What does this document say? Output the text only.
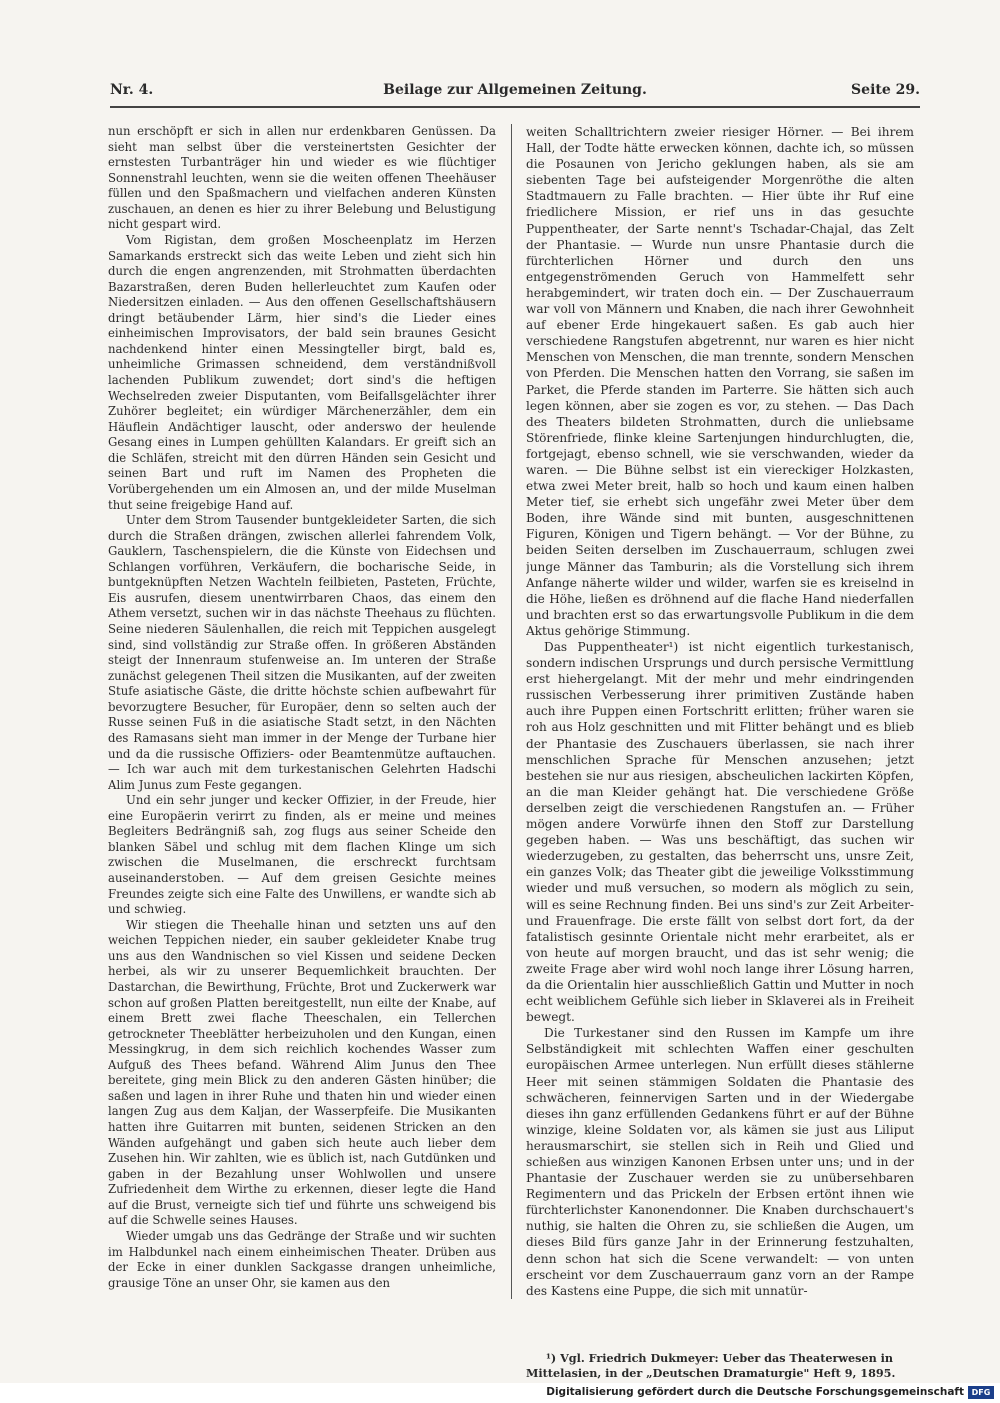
Nr. 4.	Beilage zur Allgemeinen Zeitung.	Seite 29.

nun erschöpft er sich in allen nur erdenkbaren Genüssen. Da sieht man selbst über die versteinertsten Gesichter der ernstesten Turbanträger hin und wieder es wie flüchtiger Sonnenstrahl leuchten, wenn sie die weiten offenen Theehäuser füllen und den Spaßmachern und vielfachen anderen Künsten zuschauen, an denen es hier zu ihrer Belebung und Belustigung nicht gespart wird.

Vom Rigistan, dem großen Moscheenplatz im Herzen Samarkands erstreckt sich das weite Leben und zieht sich hin durch die engen angrenzenden, mit Strohmatten überdachten Bazarstraßen, deren Buden hellerleuchtet zum Kaufen oder Niedersitzen einladen. — Aus den offenen Gesellschaftshäusern dringt betäubender Lärm, hier sind's die Lieder eines einheimischen Improvisators, der bald sein braunes Gesicht nachdenkend hinter einen Messingteller birgt, bald es, unheimliche Grimassen schneidend, dem verständnißvoll lachenden Publikum zuwendet; dort sind's die heftigen Wechselreden zweier Disputanten, vom Beifallsgelächter ihrer Zuhörer begleitet; ein würdiger Märchenerzähler, dem ein Häuflein Andächtiger lauscht, oder anderswo der heulende Gesang eines in Lumpen gehüllten Kalandars. Er greift sich an die Schläfen, streicht mit den dürren Händen sein Gesicht und seinen Bart und ruft im Namen des Propheten die Vorübergehenden um ein Almosen an, und der milde Muselman thut seine freigebige Hand auf.

Unter dem Strom Tausender buntgekleideter Sarten, die sich durch die Straßen drängen, zwischen allerlei fahrendem Volk, Gauklern, Taschenspielern, die die Künste von Eidechsen und Schlangen vorführen, Verkäufern, die bocharische Seide, in buntgeknüpften Netzen Wachteln feilbieten, Pasteten, Früchte, Eis ausrufen, diesem unentwirrbaren Chaos, das einem den Athem versetzt, suchen wir in das nächste Theehaus zu flüchten. Seine niederen Säulenhallen, die reich mit Teppichen ausgelegt sind, sind vollständig zur Straße offen. In größeren Abständen steigt der Innenraum stufenweise an. Im unteren der Straße zunächst gelegenen Theil sitzen die Musikanten, auf der zweiten Stufe asiatische Gäste, die dritte höchste schien aufbewahrt für bevorzugtere Besucher, für Europäer, denn so selten auch der Russe seinen Fuß in die asiatische Stadt setzt, in den Nächten des Ramasans sieht man immer in der Menge der Turbane hier und da die russische Offiziers- oder Beamtenmütze auftauchen. — Ich war auch mit dem turkestanischen Gelehrten Hadschi Alim Junus zum Feste gegangen.

Und ein sehr junger und kecker Offizier, in der Freude, hier eine Europäerin verirrt zu finden, als er meine und meines Begleiters Bedrängniß sah, zog flugs aus seiner Scheide den blanken Säbel und schlug mit dem flachen Klinge um sich zwischen die Muselmanen, die erschreckt furchtsam auseinanderstoben. — Auf dem greisen Gesichte meines Freundes zeigte sich eine Falte des Unwillens, er wandte sich ab und schwieg.

Wir stiegen die Theehalle hinan und setzten uns auf den weichen Teppichen nieder, ein sauber gekleideter Knabe trug uns aus den Wandnischen so viel Kissen und seidene Decken herbei, als wir zu unserer Bequemlichkeit brauchten. Der Dastarchan, die Bewirthung, Früchte, Brot und Zuckerwerk war schon auf großen Platten bereitgestellt, nun eilte der Knabe, auf einem Brett zwei flache Theeschalen, ein Tellerchen getrockneter Theeblätter herbeizuholen und den Kungan, einen Messingkrug, in dem sich reichlich kochendes Wasser zum Aufguß des Thees befand. Während Alim Junus den Thee bereitete, ging mein Blick zu den anderen Gästen hinüber; die saßen und lagen in ihrer Ruhe und thaten hin und wieder einen langen Zug aus dem Kaljan, der Wasserpfeife. Die Musikanten hatten ihre Guitarren mit bunten, seidenen Stricken an den Wänden aufgehängt und gaben sich heute auch lieber dem Zusehen hin. Wir zahlten, wie es üblich ist, nach Gutdünken und gaben in der Bezahlung unser Wohlwollen und unsere Zufriedenheit dem Wirthe zu erkennen, dieser legte die Hand auf die Brust, verneigte sich tief und führte uns schweigend bis auf die Schwelle seines Hauses.

Wieder umgab uns das Gedränge der Straße und wir suchten im Halbdunkel nach einem einheimischen Theater. Drüben aus der Ecke in einer dunklen Sackgasse drangen unheimliche, grausige Töne an unser Ohr, sie kamen aus den

weiten Schalltrichtern zweier riesiger Hörner. — Bei ihrem Hall, der Todte hätte erwecken können, dachte ich, so müssen die Posaunen von Jericho geklungen haben, als sie am siebenten Tage bei aufsteigender Morgenröthe die alten Stadtmauern zu Falle brachten. — Hier übte ihr Ruf eine friedlichere Mission, er rief uns in das gesuchte Puppentheater, der Sarte nennt's Tschadar-Chajal, das Zelt der Phantasie. — Wurde nun unsre Phantasie durch die fürchterlichen Hörner und durch den uns entgegenströmenden Geruch von Hammelfett sehr herabgemindert, wir traten doch ein. — Der Zuschauerraum war voll von Männern und Knaben, die nach ihrer Gewohnheit auf ebener Erde hingekauert saßen. Es gab auch hier verschiedene Rangstufen abgetrennt, nur waren es hier nicht Menschen von Menschen, die man trennte, sondern Menschen von Pferden. Die Menschen hatten den Vorrang, sie saßen im Parket, die Pferde standen im Parterre. Sie hätten sich auch legen können, aber sie zogen es vor, zu stehen. — Das Dach des Theaters bildeten Strohmatten, durch die unliebsame Störenfriede, flinke kleine Sartenjungen hindurchlugten, die, fortgejagt, ebenso schnell, wie sie verschwanden, wieder da waren. — Die Bühne selbst ist ein viereckiger Holzkasten, etwa zwei Meter breit, halb so hoch und kaum einen halben Meter tief, sie erhebt sich ungefähr zwei Meter über dem Boden, ihre Wände sind mit bunten, ausgeschnittenen Figuren, Königen und Tigern behängt. — Vor der Bühne, zu beiden Seiten derselben im Zuschauerraum, schlugen zwei junge Männer das Tamburin; als die Vorstellung sich ihrem Anfange näherte wilder und wilder, warfen sie es kreiselnd in die Höhe, ließen es dröhnend auf die flache Hand niederfallen und brachten erst so das erwartungsvolle Publikum in die dem Aktus gehörige Stimmung.

Das Puppentheater¹) ist nicht eigentlich turkestanisch, sondern indischen Ursprungs und durch persische Vermittlung erst hiehergelangt. Mit der mehr und mehr eindringenden russischen Verbesserung ihrer primitiven Zustände haben auch ihre Puppen einen Fortschritt erlitten; früher waren sie roh aus Holz geschnitten und mit Flitter behängt und es blieb der Phantasie des Zuschauers überlassen, sie nach ihrer menschlichen Sprache für Menschen anzusehen; jetzt bestehen sie nur aus riesigen, abscheulichen lackirten Köpfen, an die man Kleider gehängt hat. Die verschiedene Größe derselben zeigt die verschiedenen Rangstufen an. — Früher mögen andere Vorwürfe ihnen den Stoff zur Darstellung gegeben haben. — Was uns beschäftigt, das suchen wir wiederzugeben, zu gestalten, das beherrscht uns, unsre Zeit, ein ganzes Volk; das Theater gibt die jeweilige Volksstimmung wieder und muß versuchen, so modern als möglich zu sein, will es seine Rechnung finden. Bei uns sind's zur Zeit Arbeiter- und Frauenfrage. Die erste fällt von selbst dort fort, da der fatalistisch gesinnte Orientale nicht mehr erarbeitet, als er von heute auf morgen braucht, und das ist sehr wenig; die zweite Frage aber wird wohl noch lange ihrer Lösung harren, da die Orientalin hier ausschließlich Gattin und Mutter in noch echt weiblichem Gefühle sich lieber in Sklaverei als in Freiheit bewegt.

Die Turkestaner sind den Russen im Kampfe um ihre Selbständigkeit mit schlechten Waffen einer geschulten europäischen Armee unterlegen. Nun erfüllt dieses stählerne Heer mit seinen stämmigen Soldaten die Phantasie des schwächeren, feinnervigen Sarten und in der Wiedergabe dieses ihn ganz erfüllenden Gedankens führt er auf der Bühne winzige, kleine Soldaten vor, als kämen sie just aus Liliput herausmarschirt, sie stellen sich in Reih und Glied und schießen aus winzigen Kanonen Erbsen unter uns; und in der Phantasie der Zuschauer werden sie zu unübersehbaren Regimentern und das Prickeln der Erbsen ertönt ihnen wie fürchterlichster Kanonendonner. Die Knaben durchschauert's nuthig, sie halten die Ohren zu, sie schließen die Augen, um dieses Bild fürs ganze Jahr in der Erinnerung festzuhalten, denn schon hat sich die Scene verwandelt: — von unten erscheint vor dem Zuschauerraum ganz vorn an der Rampe des Kastens eine Puppe, die sich mit unnatür-

¹) Vgl. Friedrich Dukmeyer: Ueber das Theaterwesen in Mittelasien, in der „Deutschen Dramaturgie" Heft 9, 1895.
Digitalisierung gefördert durch die Deutsche Forschungsgemeinschaft DFG
